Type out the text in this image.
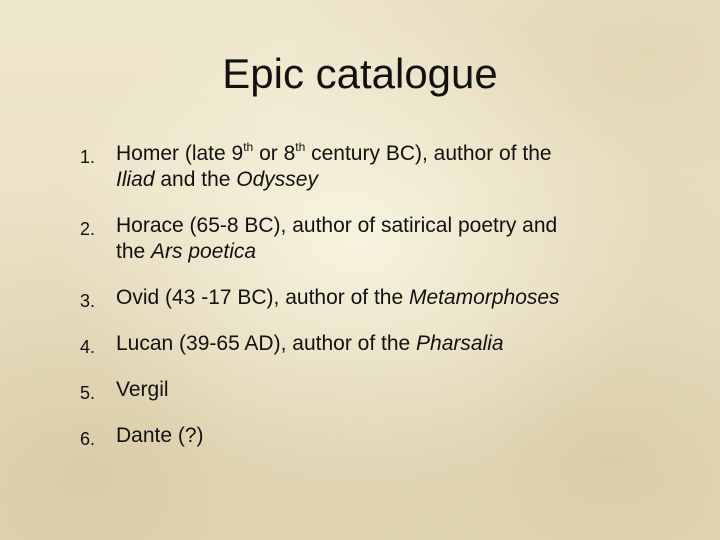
Epic catalogue
1. Homer (late 9th or 8th century BC), author of the
Iliad and the Odyssey
2. Horace (65-8 BC), author of satirical poetry and
the Ars poetica
3. Ovid (43 -17 BC), author of the Metamorphoses
4. Lucan (39-65 AD), author of the Pharsalia
5. Vergil
6. Dante (?)
